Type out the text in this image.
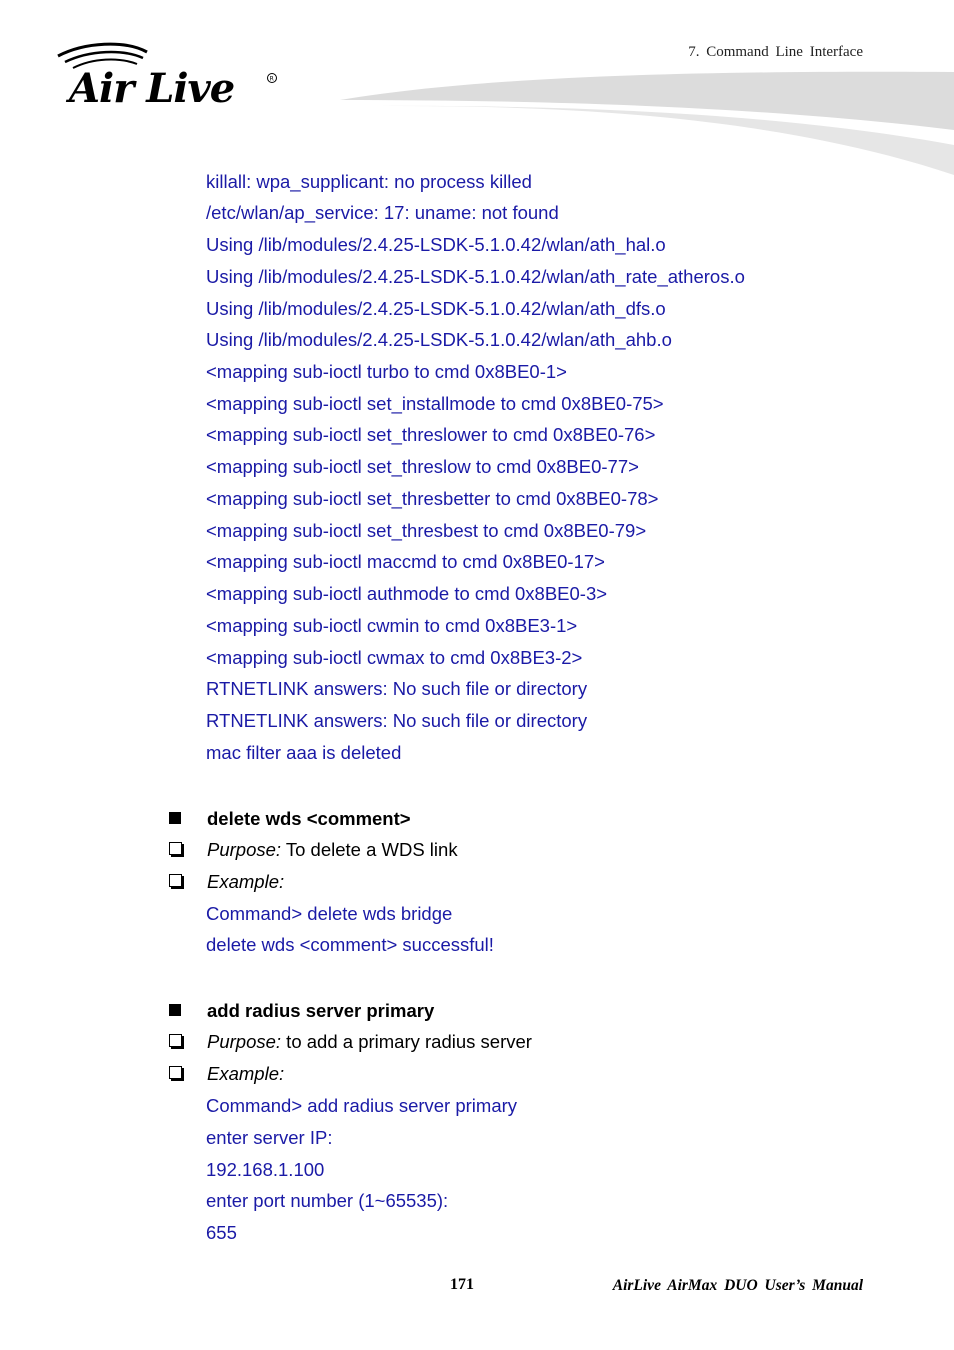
Air Live	R
7. Command Line Interface
killall: wpa_supplicant: no process killed
/etc/wlan/ap_service: 17: uname: not found
Using /lib/modules/2.4.25-LSDK-5.1.0.42/wlan/ath_hal.o
Using /lib/modules/2.4.25-LSDK-5.1.0.42/wlan/ath_rate_atheros.o
Using /lib/modules/2.4.25-LSDK-5.1.0.42/wlan/ath_dfs.o
Using /lib/modules/2.4.25-LSDK-5.1.0.42/wlan/ath_ahb.o
<mapping sub-ioctl turbo to cmd 0x8BE0-1>
<mapping sub-ioctl set_installmode to cmd 0x8BE0-75>
<mapping sub-ioctl set_threslower to cmd 0x8BE0-76>
<mapping sub-ioctl set_threslow to cmd 0x8BE0-77>
<mapping sub-ioctl set_thresbetter to cmd 0x8BE0-78>
<mapping sub-ioctl set_thresbest to cmd 0x8BE0-79>
<mapping sub-ioctl maccmd to cmd 0x8BE0-17>
<mapping sub-ioctl authmode to cmd 0x8BE0-3>
<mapping sub-ioctl cwmin to cmd 0x8BE3-1>
<mapping sub-ioctl cwmax to cmd 0x8BE3-2>
RTNETLINK answers: No such file or directory
RTNETLINK answers: No such file or directory
mac filter aaa is deleted
delete wds <comment>
Purpose: To delete a WDS link
Example:
Command> delete wds bridge
delete wds <comment> successful!
add radius server primary
Purpose: to add a primary radius server
Example:
Command> add radius server primary
enter server IP:
192.168.1.100
enter port number (1~65535):
655
171	AirLive AirMax DUO User’s Manual
